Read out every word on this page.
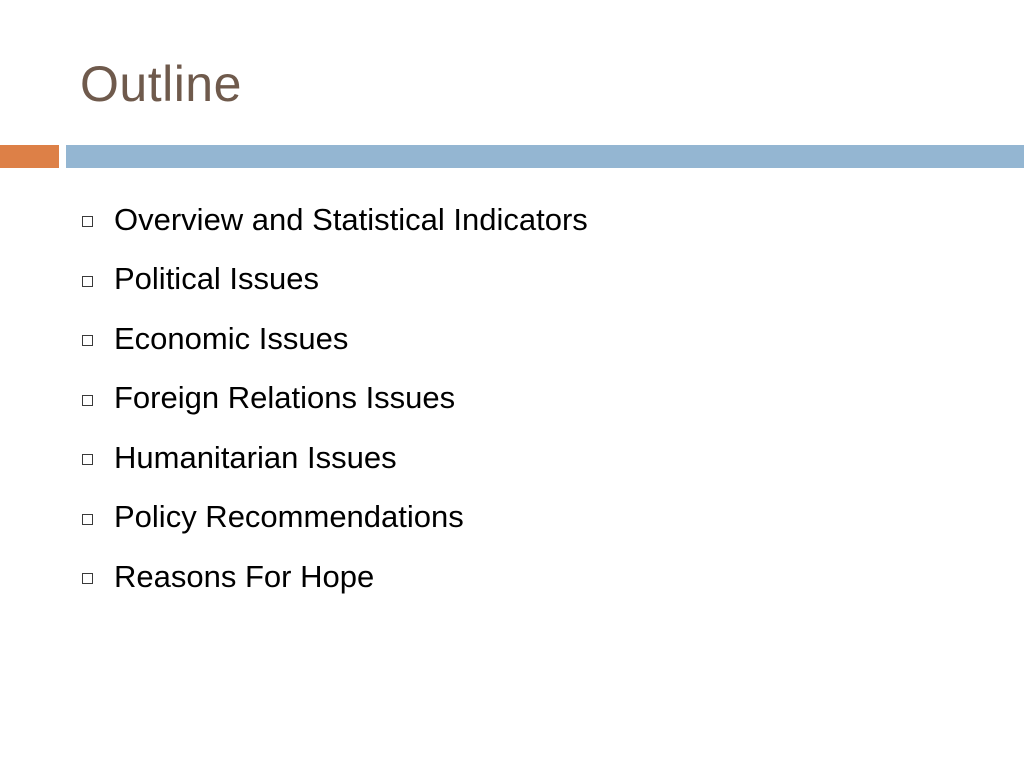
Outline
Overview and Statistical Indicators
Political Issues
Economic Issues
Foreign Relations Issues
Humanitarian Issues
Policy Recommendations
Reasons For Hope
